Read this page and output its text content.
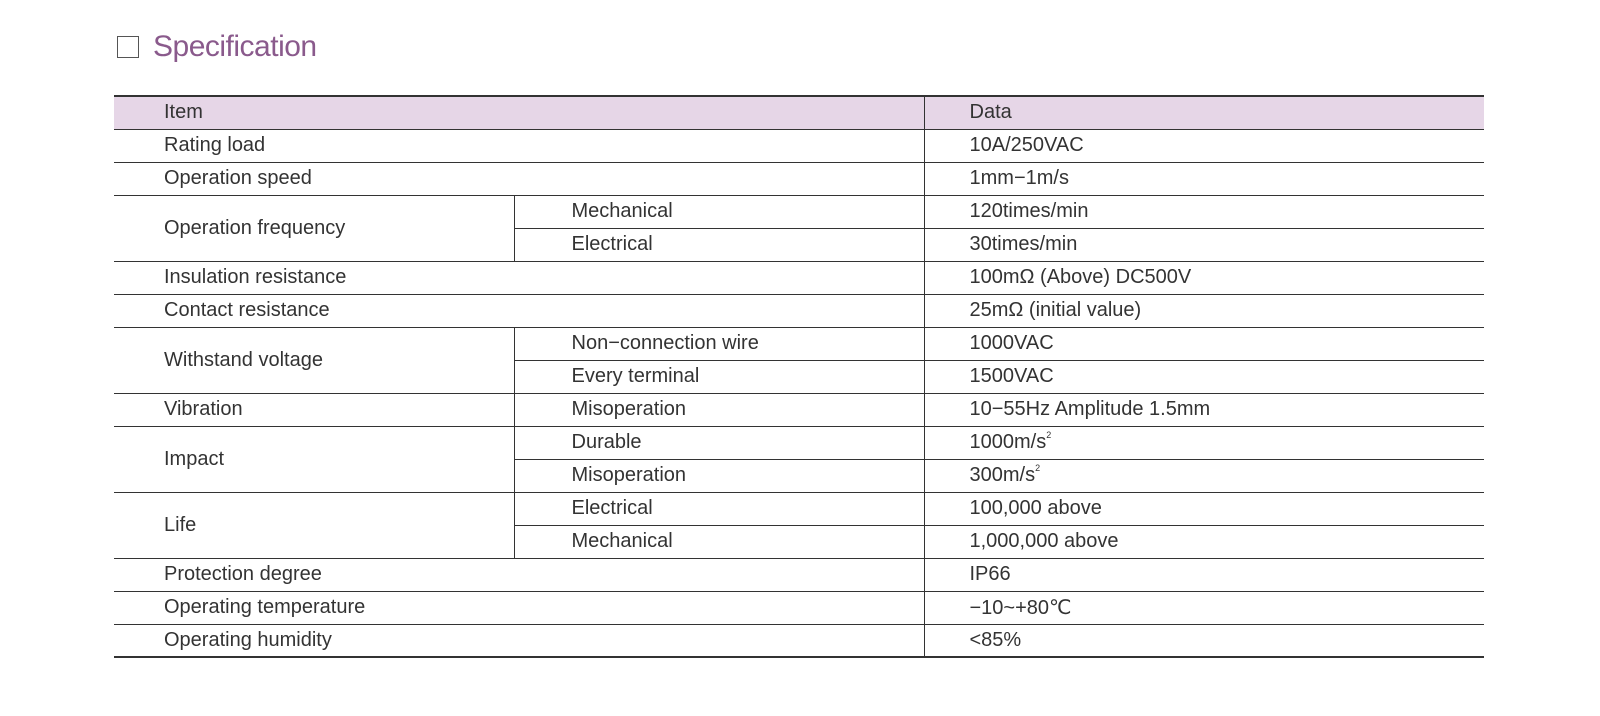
Specification
Item		Data
Rating load		10A/250VAC
Operation speed		1mm−1m/s
Operation frequency	Mechanical	120times/min
	Electrical	30times/min
Insulation resistance		100mΩ (Above) DC500V
Contact resistance		25mΩ (initial value)
Withstand voltage	Non−connection wire	1000VAC
	Every terminal	1500VAC
Vibration	Misoperation	10−55Hz Amplitude 1.5mm
Impact	Durable	$1000m/s^2$
	Misoperation	$300m/s^2$
Life	Electrical	100,000 above
	Mechanical	1,000,000 above
Protection degree		IP66
Operating temperature		−10~+80℃
Operating humidity		<85%
